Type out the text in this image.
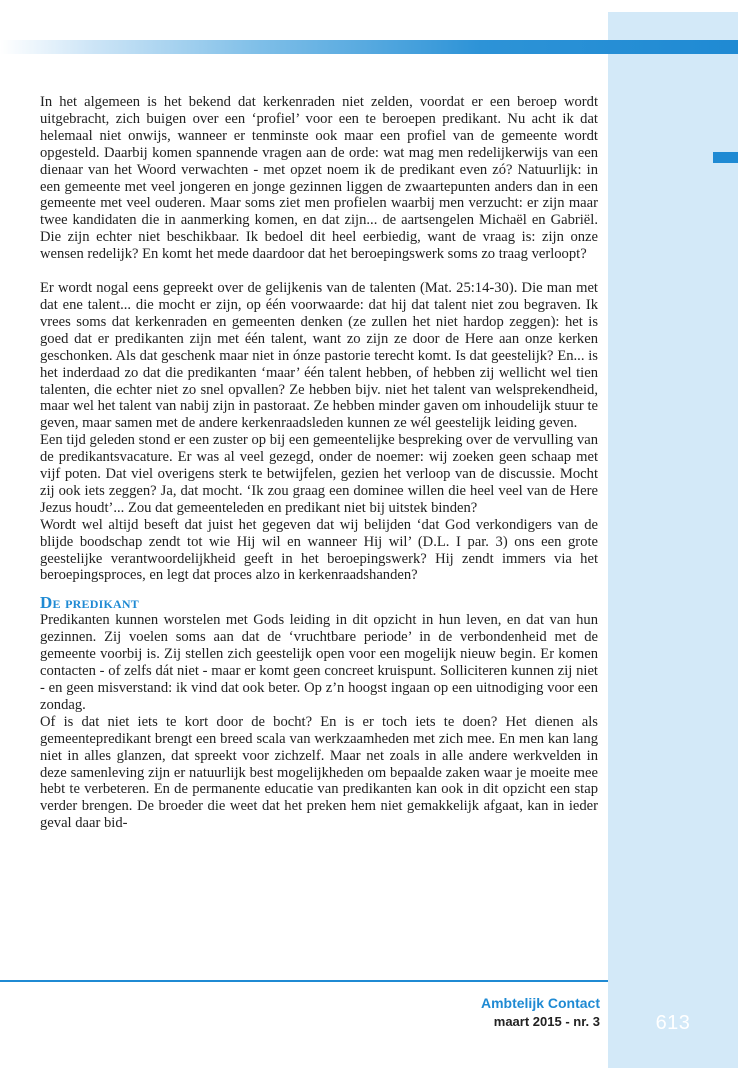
In het algemeen is het bekend dat kerkenraden niet zelden, voordat er een beroep wordt uitgebracht, zich buigen over een ‘profiel’ voor een te beroepen predikant. Nu acht ik dat helemaal niet onwijs, wanneer er tenminste ook maar een profiel van de gemeente wordt opgesteld. Daarbij komen spannende vragen aan de orde: wat mag men redelijkerwijs van een dienaar van het Woord verwachten - met opzet noem ik de predikant even zó? Natuurlijk: in een gemeente met veel jongeren en jonge gezinnen liggen de zwaartepunten anders dan in een gemeente met veel ouderen. Maar soms ziet men profielen waarbij men verzucht: er zijn maar twee kandidaten die in aanmerking komen, en dat zijn... de aartsengelen Michaël en Gabriël. Die zijn echter niet beschikbaar. Ik bedoel dit heel eerbiedig, want de vraag is: zijn onze wensen redelijk? En komt het mede daardoor dat het beroepingswerk soms zo traag verloopt?

Er wordt nogal eens gepreekt over de gelijkenis van de talenten (Mat. 25:14-30). Die man met dat ene talent... die mocht er zijn, op één voorwaarde: dat hij dat talent niet zou begraven. Ik vrees soms dat kerkenraden en gemeenten denken (ze zullen het niet hardop zeggen): het is goed dat er predikanten zijn met één talent, want zo zijn ze door de Here aan onze kerken geschonken. Als dat geschenk maar niet in ónze pastorie terecht komt. Is dat geestelijk? En... is het inderdaad zo dat die predikanten ‘maar’ één talent hebben, of hebben zij wellicht wel tien talenten, die echter niet zo snel opvallen? Ze hebben bijv. niet het talent van welsprekendheid, maar wel het talent van nabij zijn in pastoraat. Ze hebben minder gaven om inhoudelijk stuur te geven, maar samen met de andere kerkenraadsleden kunnen ze wél geestelijk leiding geven.

Een tijd geleden stond er een zuster op bij een gemeentelijke bespreking over de vervulling van de predikantsvacature. Er was al veel gezegd, onder de noemer: wij zoeken geen schaap met vijf poten. Dat viel overigens sterk te betwijfelen, gezien het verloop van de discussie. Mocht zij ook iets zeggen? Ja, dat mocht. ‘Ik zou graag een dominee willen die heel veel van de Here Jezus houdt’... Zou dat gemeenteleden en predikant niet bij uitstek binden?

Wordt wel altijd beseft dat juist het gegeven dat wij belijden ‘dat God verkondigers van de blijde boodschap zendt tot wie Hij wil en wanneer Hij wil’ (D.L. I par. 3) ons een grote geestelijke verantwoordelijkheid geeft in het beroepingswerk? Hij zendt immers via het beroepingsproces, en legt dat proces alzo in kerkenraadshanden?

De predikant

Predikanten kunnen worstelen met Gods leiding in dit opzicht in hun leven, en dat van hun gezinnen. Zij voelen soms aan dat de ‘vruchtbare periode’ in de verbondenheid met de gemeente voorbij is. Zij stellen zich geestelijk open voor een mogelijk nieuw begin. Er komen contacten - of zelfs dát niet - maar er komt geen concreet kruispunt. Solliciteren kunnen zij niet - en geen misverstand: ik vind dat ook beter. Op z’n hoogst ingaan op een uitnodiging voor een zondag.

Of is dat niet iets te kort door de bocht? En is er toch iets te doen? Het dienen als gemeentepredikant brengt een breed scala van werkzaamheden met zich mee. En men kan lang niet in alles glanzen, dat spreekt voor zichzelf. Maar net zoals in alle andere werkvelden in deze samenleving zijn er natuurlijk best mogelijkheden om bepaalde zaken waar je moeite mee hebt te verbeteren. En de permanente educatie van predikanten kan ook in dit opzicht een stap verder brengen. De broeder die weet dat het preken hem niet gemakkelijk afgaat, kan in ieder geval daar bid-

Ambtelijk Contact
maart 2015 - nr. 3	613
